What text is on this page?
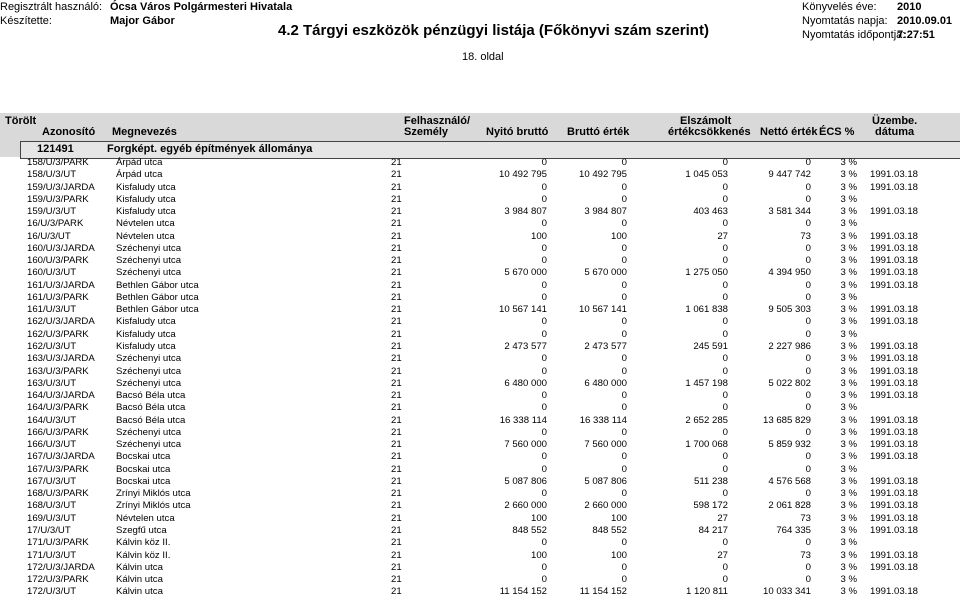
Regisztrált használó: Ócsa Város Polgármesteri Hivatala
Készítette:	Major Gábor
Könyvelés éve: 2010
Nyomtatás napja: 2010.09.01
Nyomtatás időpontja:
7:27:51
4.2 Tárgyi eszközök pénzügyi listája (Főkönyvi szám szerint)
18. oldal
Törölt
Azonosító Megnevezés
Felhasználó/
Személy	Nyitó bruttó Bruttó érték
Elszámolt
értékcsökkenés Nettó érték ÉCS %
Üzembe.
dátuma
121491	Forgképt. egyéb építmények állománya
158/U/3/PARK	Árpád utca	21	0	0	0	0	3 %
158/U/3/UT	Árpád utca	21	10 492 795	10 492 795	1 045 053	9 447 742	3 % 1991.03.18
159/U/3/JARDA Kisfaludy utca	21	0	0	0	0	3 % 1991.03.18
159/U/3/PARK	Kisfaludy utca	21	0	0	0	0	3 %
159/U/3/UT	Kisfaludy utca	21	3 984 807	3 984 807	403 463	3 581 344	3 % 1991.03.18
16/U/3/PARK	Névtelen utca	21	0	0	0	0	3 %
16/U/3/UT	Névtelen utca	21	100	100	27	73	3 % 1991.03.18
160/U/3/JARDA Széchenyi utca	21	0	0	0	0	3 % 1991.03.18
160/U/3/PARK	Széchenyi utca	21	0	0	0	0	3 % 1991.03.18
160/U/3/UT	Széchenyi utca	21	5 670 000	5 670 000	1 275 050	4 394 950	3 % 1991.03.18
161/U/3/JARDA Bethlen Gábor utca	21	0	0	0	0	3 % 1991.03.18
161/U/3/PARK	Bethlen Gábor utca	21	0	0	0	0	3 %
161/U/3/UT	Bethlen Gábor utca	21	10 567 141	10 567 141	1 061 838	9 505 303	3 % 1991.03.18
162/U/3/JARDA Kisfaludy utca	21	0	0	0	0	3 % 1991.03.18
162/U/3/PARK	Kisfaludy utca	21	0	0	0	0	3 %
162/U/3/UT	Kisfaludy utca	21	2 473 577	2 473 577	245 591	2 227 986	3 % 1991.03.18
163/U/3/JARDA Széchenyi utca	21	0	0	0	0	3 % 1991.03.18
163/U/3/PARK	Széchenyi utca	21	0	0	0	0	3 % 1991.03.18
163/U/3/UT	Széchenyi utca	21	6 480 000	6 480 000	1 457 198	5 022 802	3 % 1991.03.18
164/U/3/JARDA Bacsó Béla utca	21	0	0	0	0	3 % 1991.03.18
164/U/3/PARK	Bacsó Béla utca	21	0	0	0	0	3 %
164/U/3/UT	Bacsó Béla utca	21	16 338 114	16 338 114	2 652 285	13 685 829	3 % 1991.03.18
166/U/3/PARK	Széchenyi utca	21	0	0	0	0	3 % 1991.03.18
166/U/3/UT	Széchenyi utca	21	7 560 000	7 560 000	1 700 068	5 859 932	3 % 1991.03.18
167/U/3/JARDA Bocskai utca	21	0	0	0	0	3 % 1991.03.18
167/U/3/PARK	Bocskai utca	21	0	0	0	0	3 %
167/U/3/UT	Bocskai utca	21	5 087 806	5 087 806	511 238	4 576 568	3 % 1991.03.18
168/U/3/PARK	Zrínyi Miklós utca	21	0	0	0	0	3 % 1991.03.18
168/U/3/UT	Zrínyi Miklós utca	21	2 660 000	2 660 000	598 172	2 061 828	3 % 1991.03.18
169/U/3/UT	Névtelen utca	21	100	100	27	73	3 % 1991.03.18
17/U/3/UT	Szegfű utca	21	848 552	848 552	84 217	764 335	3 % 1991.03.18
171/U/3/PARK	Kálvin köz II.	21	0	0	0	0	3 %
171/U/3/UT	Kálvin köz II.	21	100	100	27	73	3 % 1991.03.18
172/U/3/JARDA Kálvin utca	21	0	0	0	0	3 % 1991.03.18
172/U/3/PARK	Kálvin utca	21	0	0	0	0	3 %
172/U/3/UT	Kálvin utca	21	11 154 152	11 154 152	1 120 811	10 033 341	3 % 1991.03.18
